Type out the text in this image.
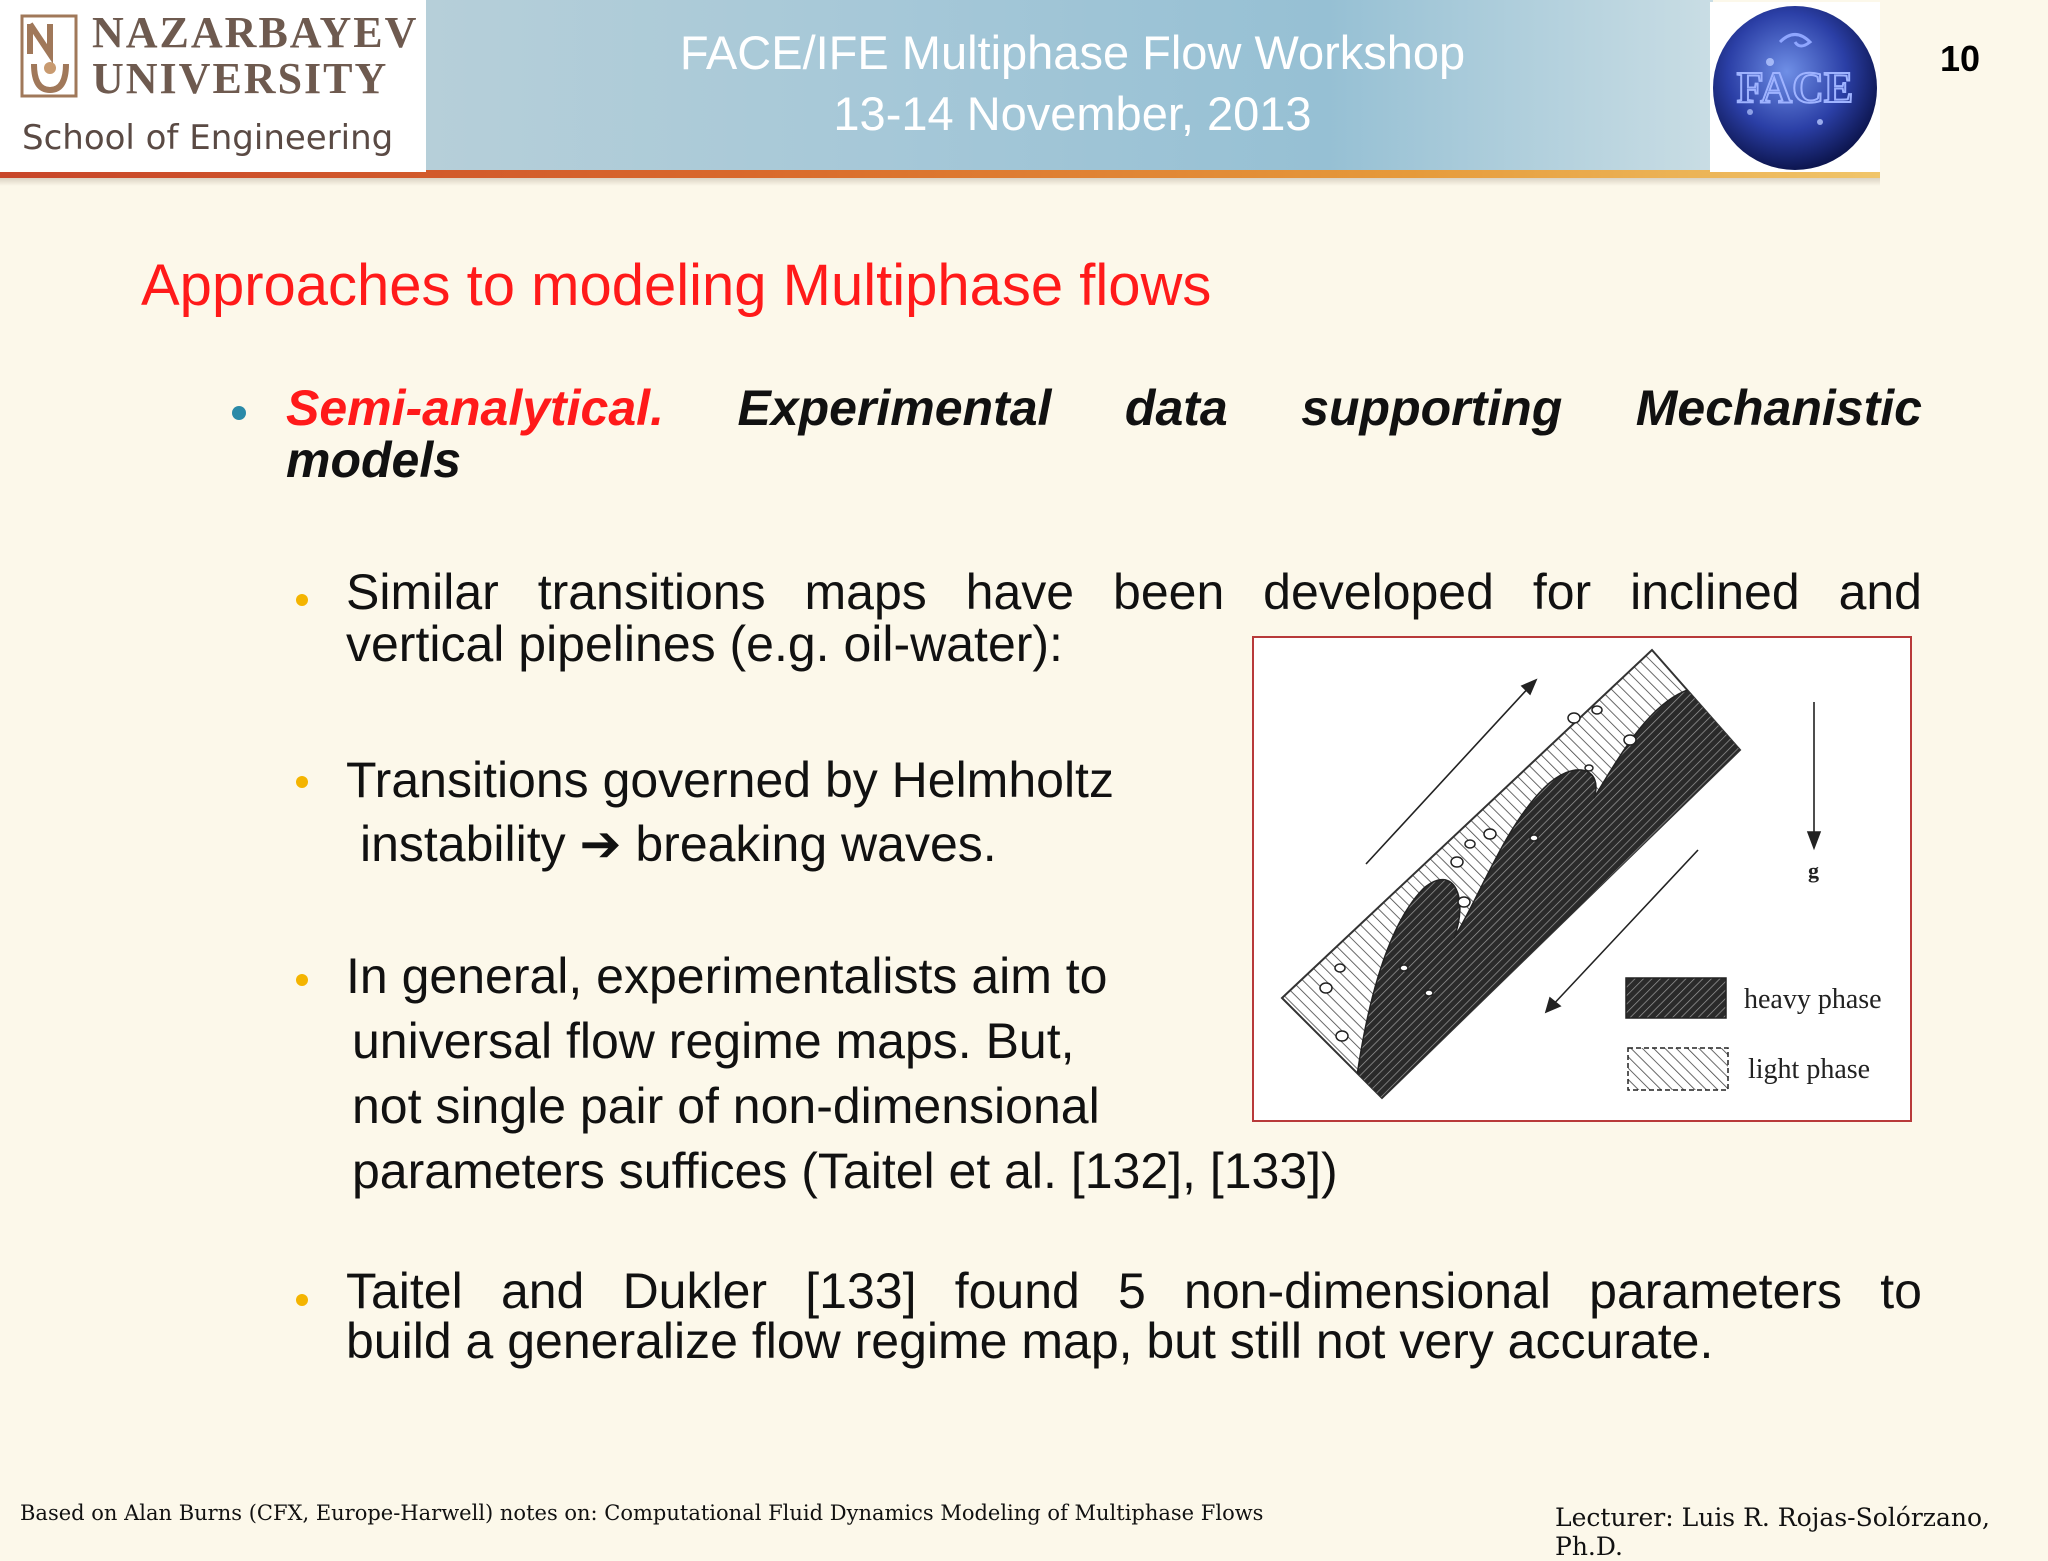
NAZARBAYEV
UNIVERSITY
School of Engineering
FACE/IFE Multiphase Flow Workshop
13-14 November, 2013	FACE
10
Approaches to modeling Multiphase flows
Semi-analytical. Experimental data supporting Mechanistic
models
Similar transitions maps have been developed for inclined and
vertical pipelines (e.g. oil-water):
Transitions governed by Helmholtz
instability ➔ breaking waves.
In general, experimentalists aim to
universal flow regime maps. But,
not single pair of non-dimensional
parameters suffices (Taitel et al. [132], [133])
Taitel and Dukler [133] found 5 non-dimensional parameters to
build a generalize flow regime map, but still not very accurate.
g
heavy phase
light phase
Based on Alan Burns (CFX, Europe-Harwell) notes on: Computational Fluid Dynamics Modeling of Multiphase Flows	Lecturer: Luis R. Rojas-Solórzano, Ph.D.
